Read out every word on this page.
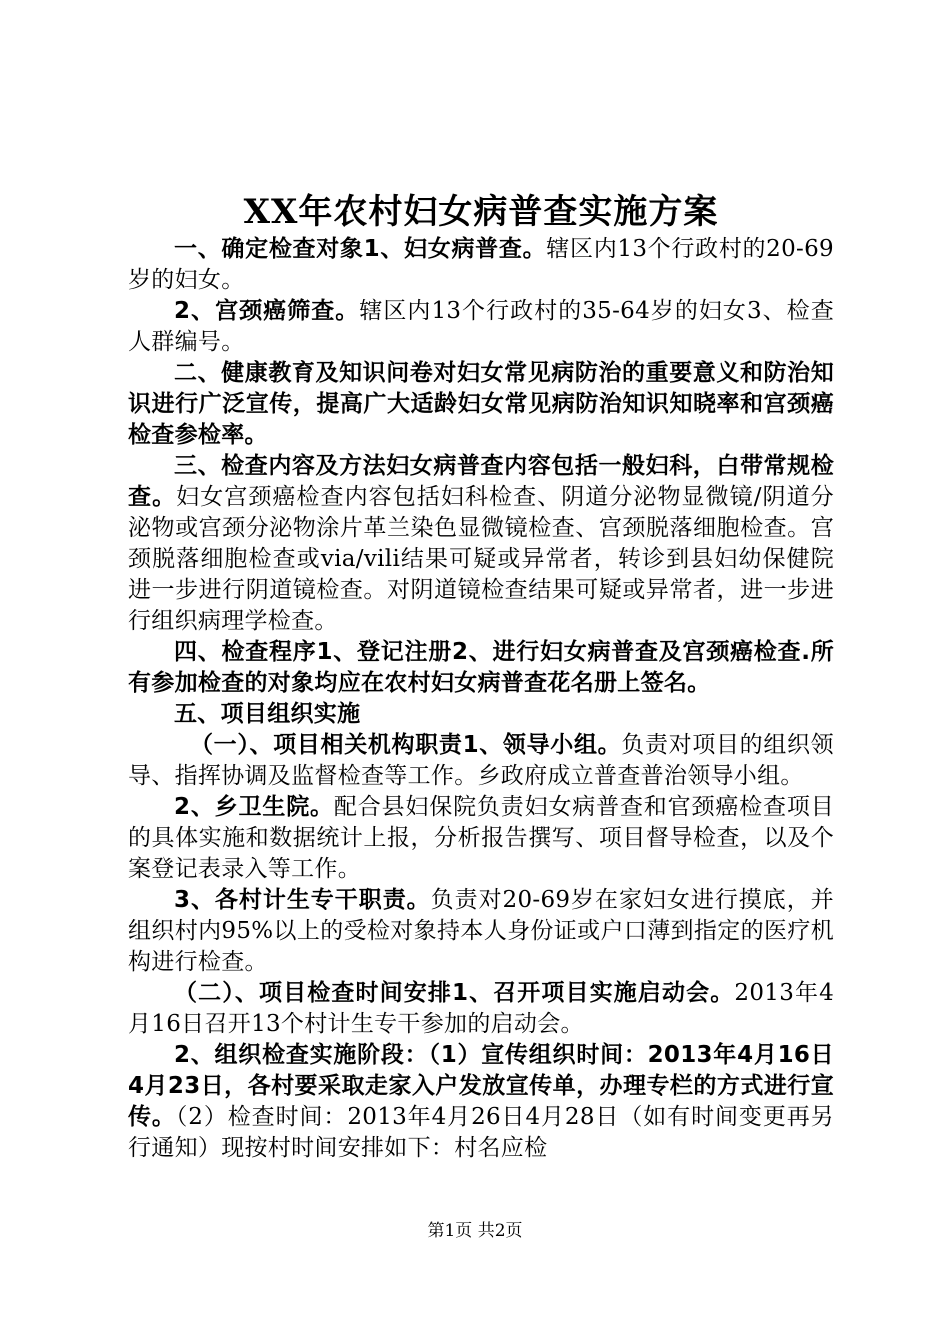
XX年农村妇女病普查实施方案

一、确定检查对象1、妇女病普查。辖区内13个行政村的20-69岁的妇女。

2、宫颈癌筛查。辖区内13个行政村的35-64岁的妇女3、检查人群编号。

二、健康教育及知识问卷对妇女常见病防治的重要意义和防治知识进行广泛宣传，提高广大适龄妇女常见病防治知识知晓率和宫颈癌检查参检率。

三、检查内容及方法妇女病普查内容包括一般妇科，白带常规检查。妇女宫颈癌检查内容包括妇科检查、阴道分泌物显微镜/阴道分泌物或宫颈分泌物涂片革兰染色显微镜检查、宫颈脱落细胞检查。宫颈脱落细胞检查或via/vili结果可疑或异常者，转诊到县妇幼保健院进一步进行阴道镜检查。对阴道镜检查结果可疑或异常者，进一步进行组织病理学检查。

四、检查程序1、登记注册2、进行妇女病普查及宫颈癌检查.所有参加检查的对象均应在农村妇女病普查花名册上签名。

五、项目组织实施

（一）、项目相关机构职责1、领导小组。负责对项目的组织领导、指挥协调及监督检查等工作。乡政府成立普查普治领导小组。

2、乡卫生院。配合县妇保院负责妇女病普查和官颈癌检查项目的具体实施和数据统计上报，分析报告撰写、项目督导检查，以及个案登记表录入等工作。

3、各村计生专干职责。负责对20-69岁在家妇女进行摸底，并组织村内95%以上的受检对象持本人身份证或户口薄到指定的医疗机构进行检查。

（二）、项目检查时间安排1、召开项目实施启动会。2013年4月16日召开13个村计生专干参加的启动会。

2、组织检查实施阶段：（1）宣传组织时间：2013年4月16日4月23日，各村要采取走家入户发放宣传单，办理专栏的方式进行宣传。（2）检查时间：2013年4月26日4月28日（如有时间变更再另行通知）现按村时间安排如下：村名应检

第1页 共2页
